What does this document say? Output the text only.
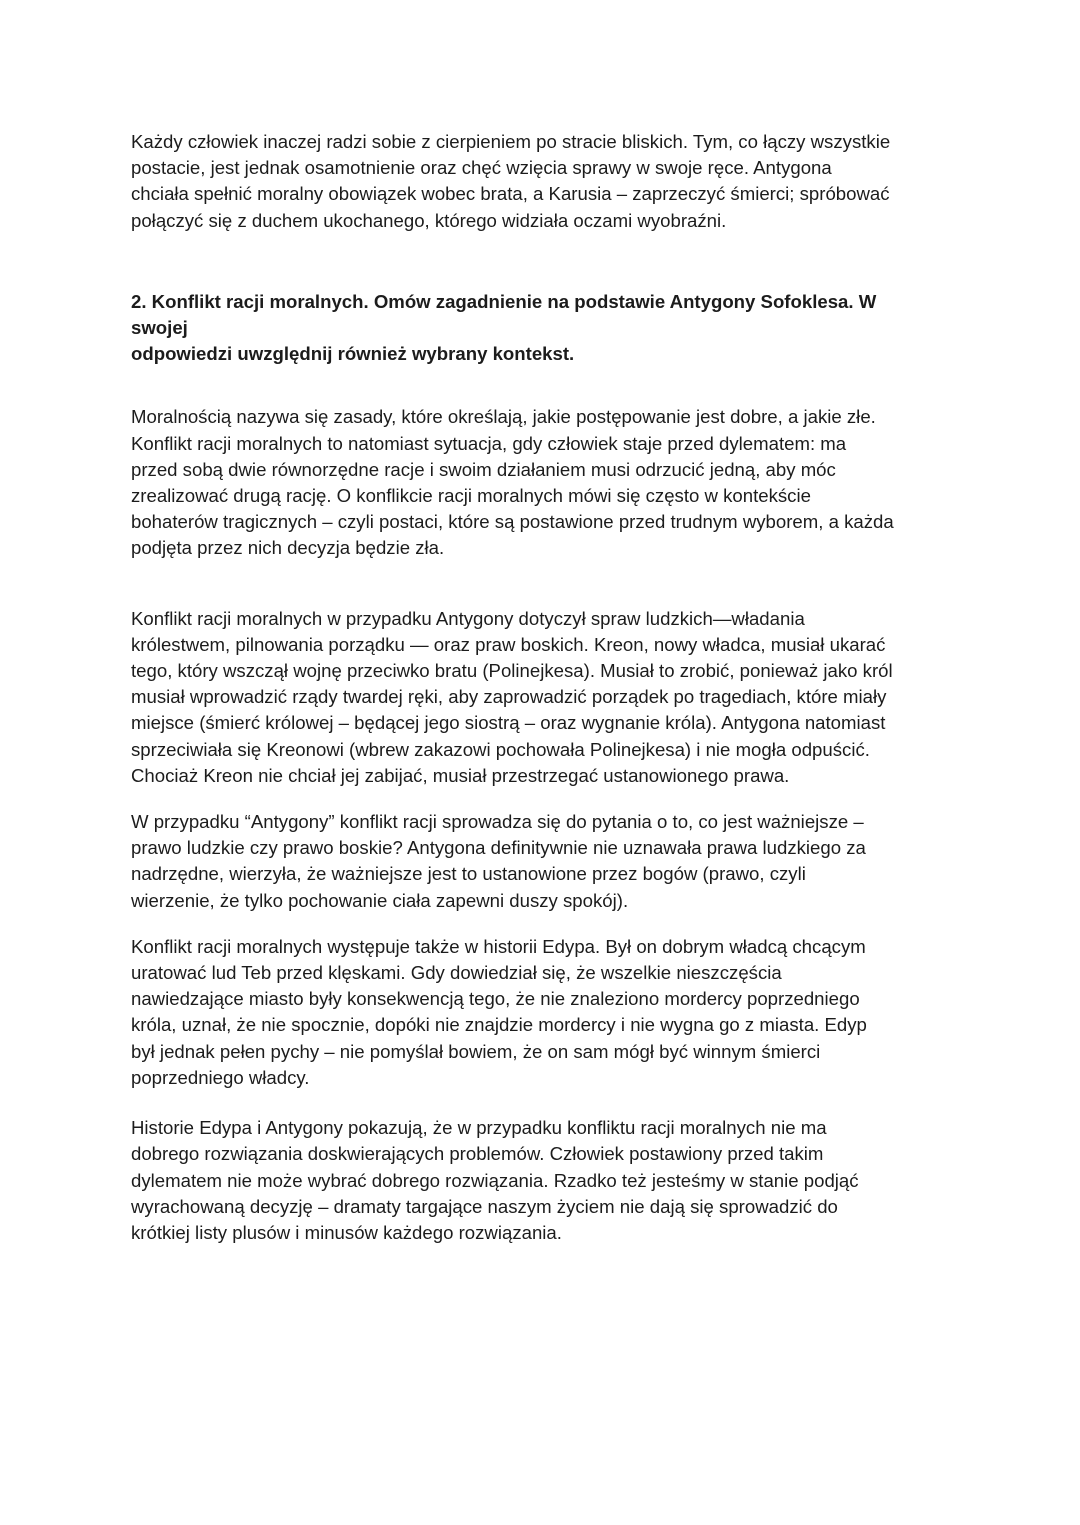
Każdy człowiek inaczej radzi sobie z cierpieniem po stracie bliskich. Tym, co łączy wszystkie
postacie, jest jednak osamotnienie oraz chęć wzięcia sprawy w swoje ręce. Antygona
chciała spełnić moralny obowiązek wobec brata, a Karusia – zaprzeczyć śmierci; spróbować
połączyć się z duchem ukochanego, którego widziała oczami wyobraźni.

2. Konflikt racji moralnych. Omów zagadnienie na podstawie Antygony Sofoklesa. W
swojej
odpowiedzi uwzględnij również wybrany kontekst.

Moralnością nazywa się zasady, które określają, jakie postępowanie jest dobre, a jakie złe.
Konflikt racji moralnych to natomiast sytuacja, gdy człowiek staje przed dylematem: ma
przed sobą dwie równorzędne racje i swoim działaniem musi odrzucić jedną, aby móc
zrealizować drugą rację. O konflikcie racji moralnych mówi się często w kontekście
bohaterów tragicznych – czyli postaci, które są postawione przed trudnym wyborem, a każda
podjęta przez nich decyzja będzie zła.

Konflikt racji moralnych w przypadku Antygony dotyczył spraw ludzkich—władania
królestwem, pilnowania porządku — oraz praw boskich. Kreon, nowy władca, musiał ukarać
tego, który wszczął wojnę przeciwko bratu (Polinejkesa). Musiał to zrobić, ponieważ jako król
musiał wprowadzić rządy twardej ręki, aby zaprowadzić porządek po tragediach, które miały
miejsce (śmierć królowej – będącej jego siostrą – oraz wygnanie króla). Antygona natomiast
sprzeciwiała się Kreonowi (wbrew zakazowi pochowała Polinejkesa) i nie mogła odpuścić.
Chociaż Kreon nie chciał jej zabijać, musiał przestrzegać ustanowionego prawa.

W przypadku “Antygony” konflikt racji sprowadza się do pytania o to, co jest ważniejsze –
prawo ludzkie czy prawo boskie? Antygona definitywnie nie uznawała prawa ludzkiego za
nadrzędne, wierzyła, że ważniejsze jest to ustanowione przez bogów (prawo, czyli
wierzenie, że tylko pochowanie ciała zapewni duszy spokój).

Konflikt racji moralnych występuje także w historii Edypa. Był on dobrym władcą chcącym
uratować lud Teb przed klęskami. Gdy dowiedział się, że wszelkie nieszczęścia
nawiedzające miasto były konsekwencją tego, że nie znaleziono mordercy poprzedniego
króla, uznał, że nie spocznie, dopóki nie znajdzie mordercy i nie wygna go z miasta. Edyp
był jednak pełen pychy – nie pomyślał bowiem, że on sam mógł być winnym śmierci
poprzedniego władcy.

Historie Edypa i Antygony pokazują, że w przypadku konfliktu racji moralnych nie ma
dobrego rozwiązania doskwierających problemów. Człowiek postawiony przed takim
dylematem nie może wybrać dobrego rozwiązania. Rzadko też jesteśmy w stanie podjąć
wyrachowaną decyzję – dramaty targające naszym życiem nie dają się sprowadzić do
krótkiej listy plusów i minusów każdego rozwiązania.
